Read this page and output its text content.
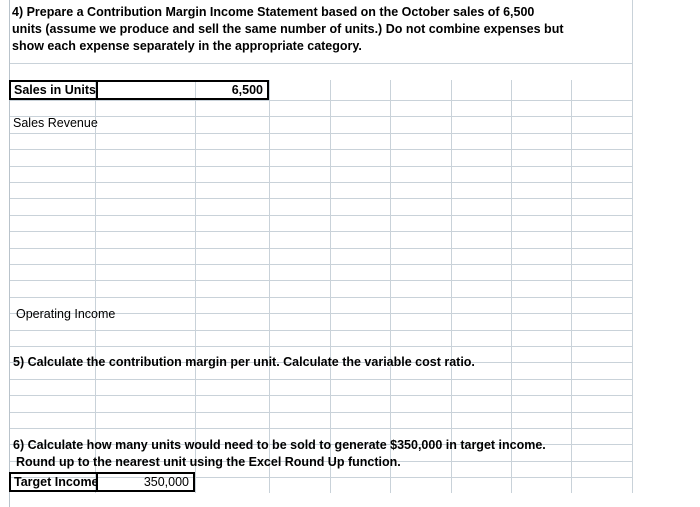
4) Prepare a Contribution Margin Income Statement based on the October sales of 6,500
units (assume we produce and sell the same number of units.) Do not combine expenses but
show each expense separately in the appropriate category.
Sales in Units	6,500
Sales Revenue
Operating Income
5) Calculate the contribution margin per unit. Calculate the variable cost ratio.
6) Calculate how many units would need to be sold to generate $350,000 in target income.
Round up to the nearest unit using the Excel Round Up function.
Target Income	350,000
